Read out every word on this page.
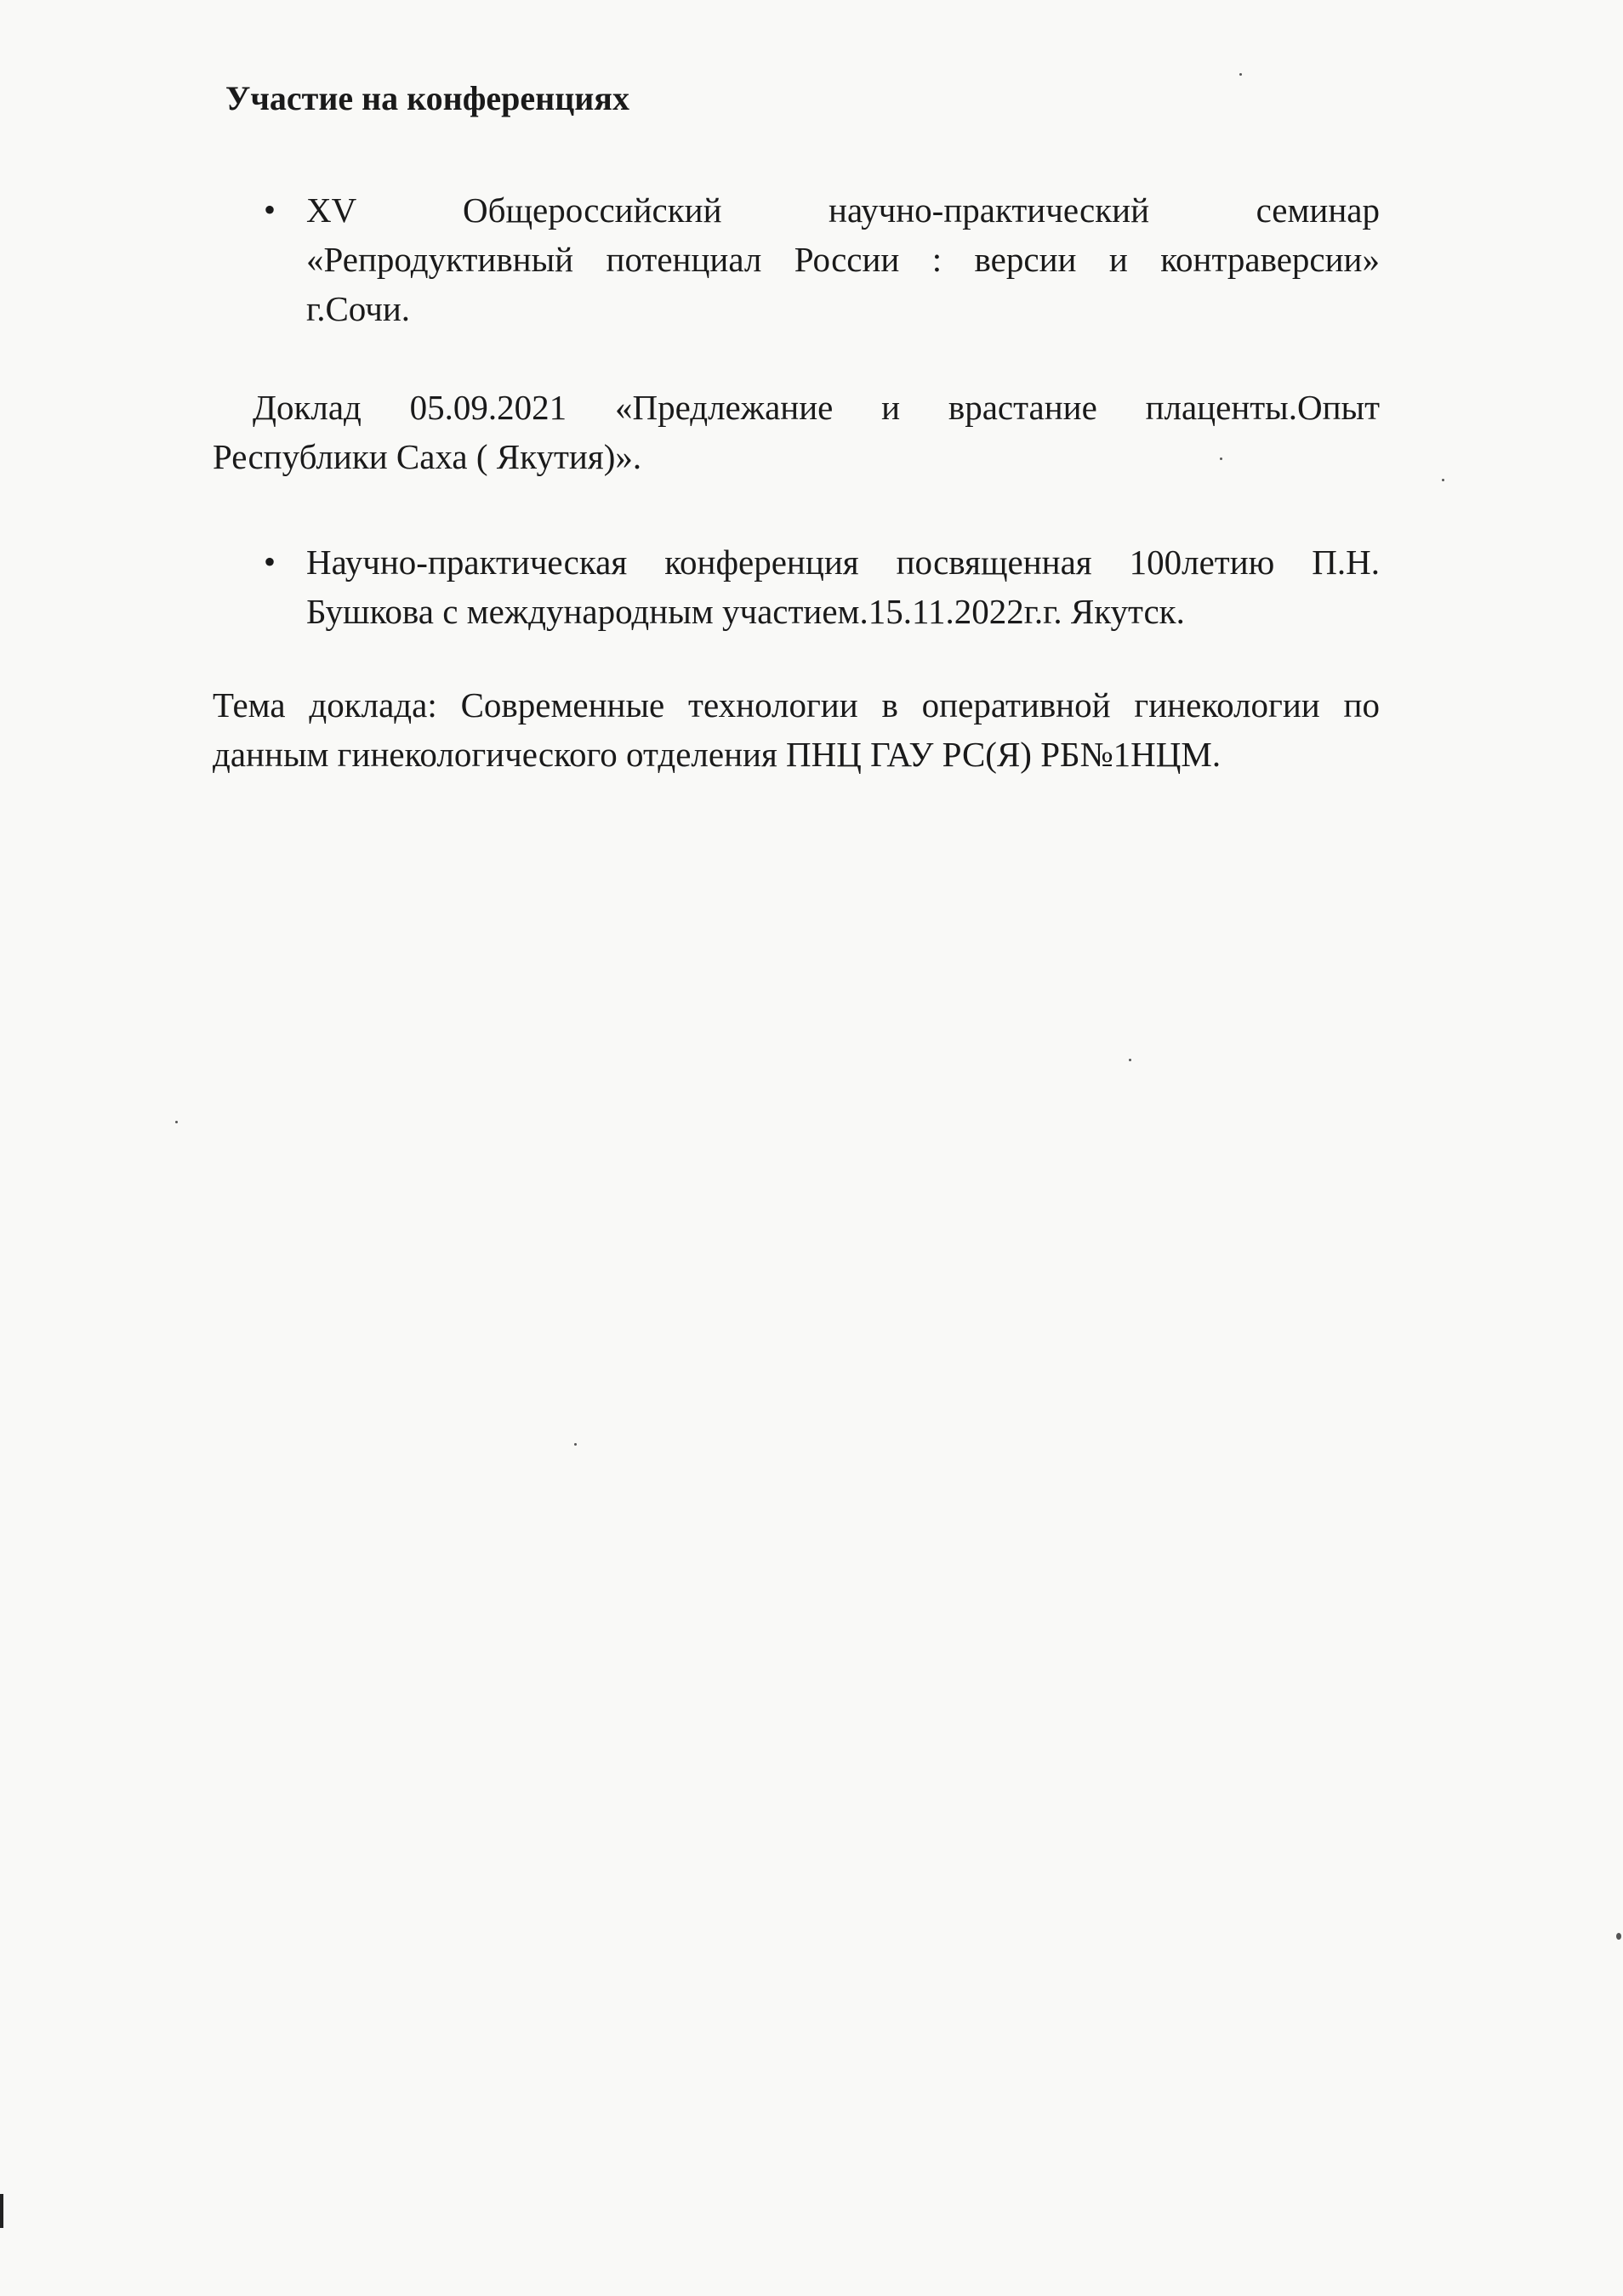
Участие на конференциях
• XV Общероссийский научно-практический семинар
«Репродуктивный потенциал России : версии и контраверсии»
г.Сочи.
Доклад 05.09.2021 «Предлежание и врастание плаценты.Опыт
Республики Саха ( Якутия)».
• Научно-практическая конференция посвященная 100летию П.Н.
Бушкова с международным участием.15.11.2022г.г. Якутск.
Тема доклада: Современные технологии в оперативной гинекологии по
данным гинекологического отделения ПНЦ ГАУ РС(Я) РБ№1НЦМ.
